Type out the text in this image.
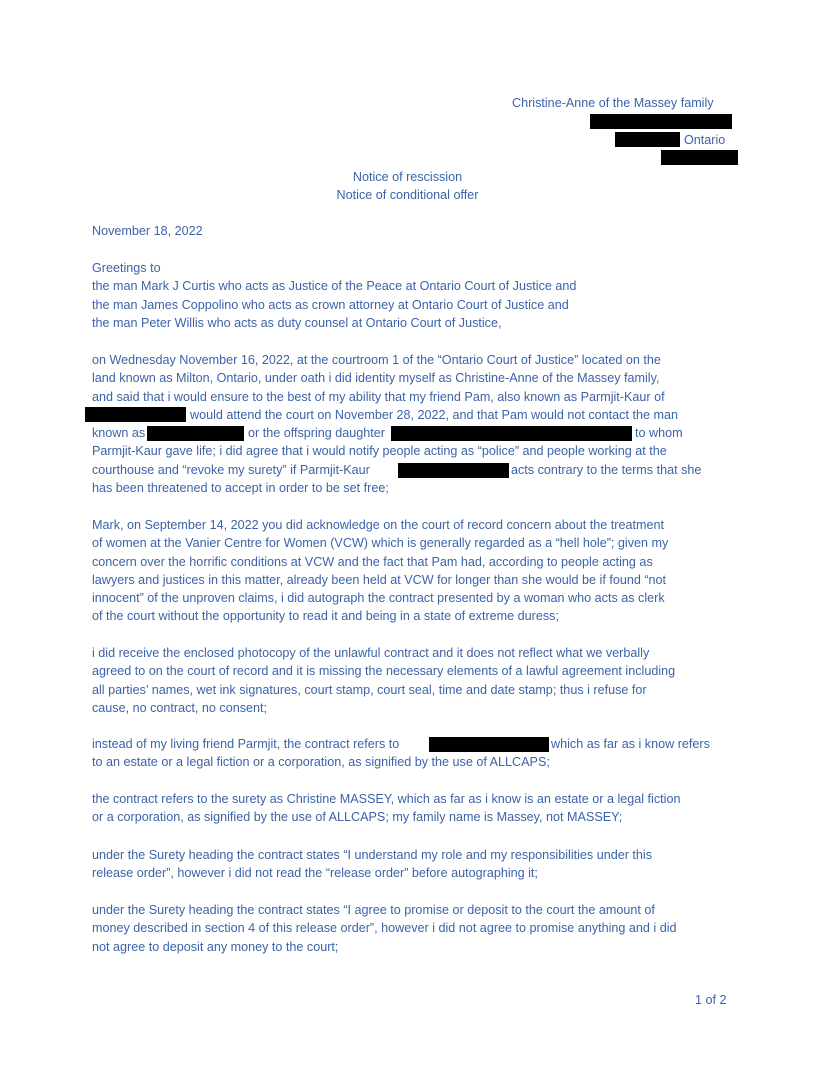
Christine-Anne of the Massey family
Ontario
Notice of rescission
Notice of conditional offer
November 18, 2022
Greetings to
the man Mark J Curtis who acts as Justice of the Peace at Ontario Court of Justice and
the man James Coppolino who acts as crown attorney at Ontario Court of Justice and
the man Peter Willis who acts as duty counsel at Ontario Court of Justice,
on Wednesday November 16, 2022, at the courtroom 1 of the “Ontario Court of Justice” located on the
land known as Milton, Ontario, under oath i did identity myself as Christine-Anne of the Massey family,
and said that i would ensure to the best of my ability that my friend Pam, also known as Parmjit-Kaur of
would attend the court on November 28, 2022, and that Pam would not contact the man
known as	or the offspring daughter	to whom
Parmjit-Kaur gave life; i did agree that i would notify people acting as “police” and people working at the
courthouse and “revoke my surety” if Parmjit-Kaur	acts contrary to the terms that she
has been threatened to accept in order to be set free;
Mark, on September 14, 2022 you did acknowledge on the court of record concern about the treatment
of women at the Vanier Centre for Women (VCW) which is generally regarded as a “hell hole”; given my
concern over the horrific conditions at VCW and the fact that Pam had, according to people acting as
lawyers and justices in this matter, already been held at VCW for longer than she would be if found “not
innocent” of the unproven claims, i did autograph the contract presented by a woman who acts as clerk
of the court without the opportunity to read it and being in a state of extreme duress;
i did receive the enclosed photocopy of the unlawful contract and it does not reflect what we verbally
agreed to on the court of record and it is missing the necessary elements of a lawful agreement including
all parties’ names, wet ink signatures, court stamp, court seal, time and date stamp; thus i refuse for
cause, no contract, no consent;
instead of my living friend Parmjit, the contract refers to	which as far as i know refers
to an estate or a legal fiction or a corporation, as signified by the use of ALLCAPS;
the contract refers to the surety as Christine MASSEY, which as far as i know is an estate or a legal fiction
or a corporation, as signified by the use of ALLCAPS; my family name is Massey, not MASSEY;
under the Surety heading the contract states “I understand my role and my responsibilities under this
release order”, however i did not read the “release order” before autographing it;
under the Surety heading the contract states “I agree to promise or deposit to the court the amount of
money described in section 4 of this release order”, however i did not agree to promise anything and i did
not agree to deposit any money to the court;
1 of 2
